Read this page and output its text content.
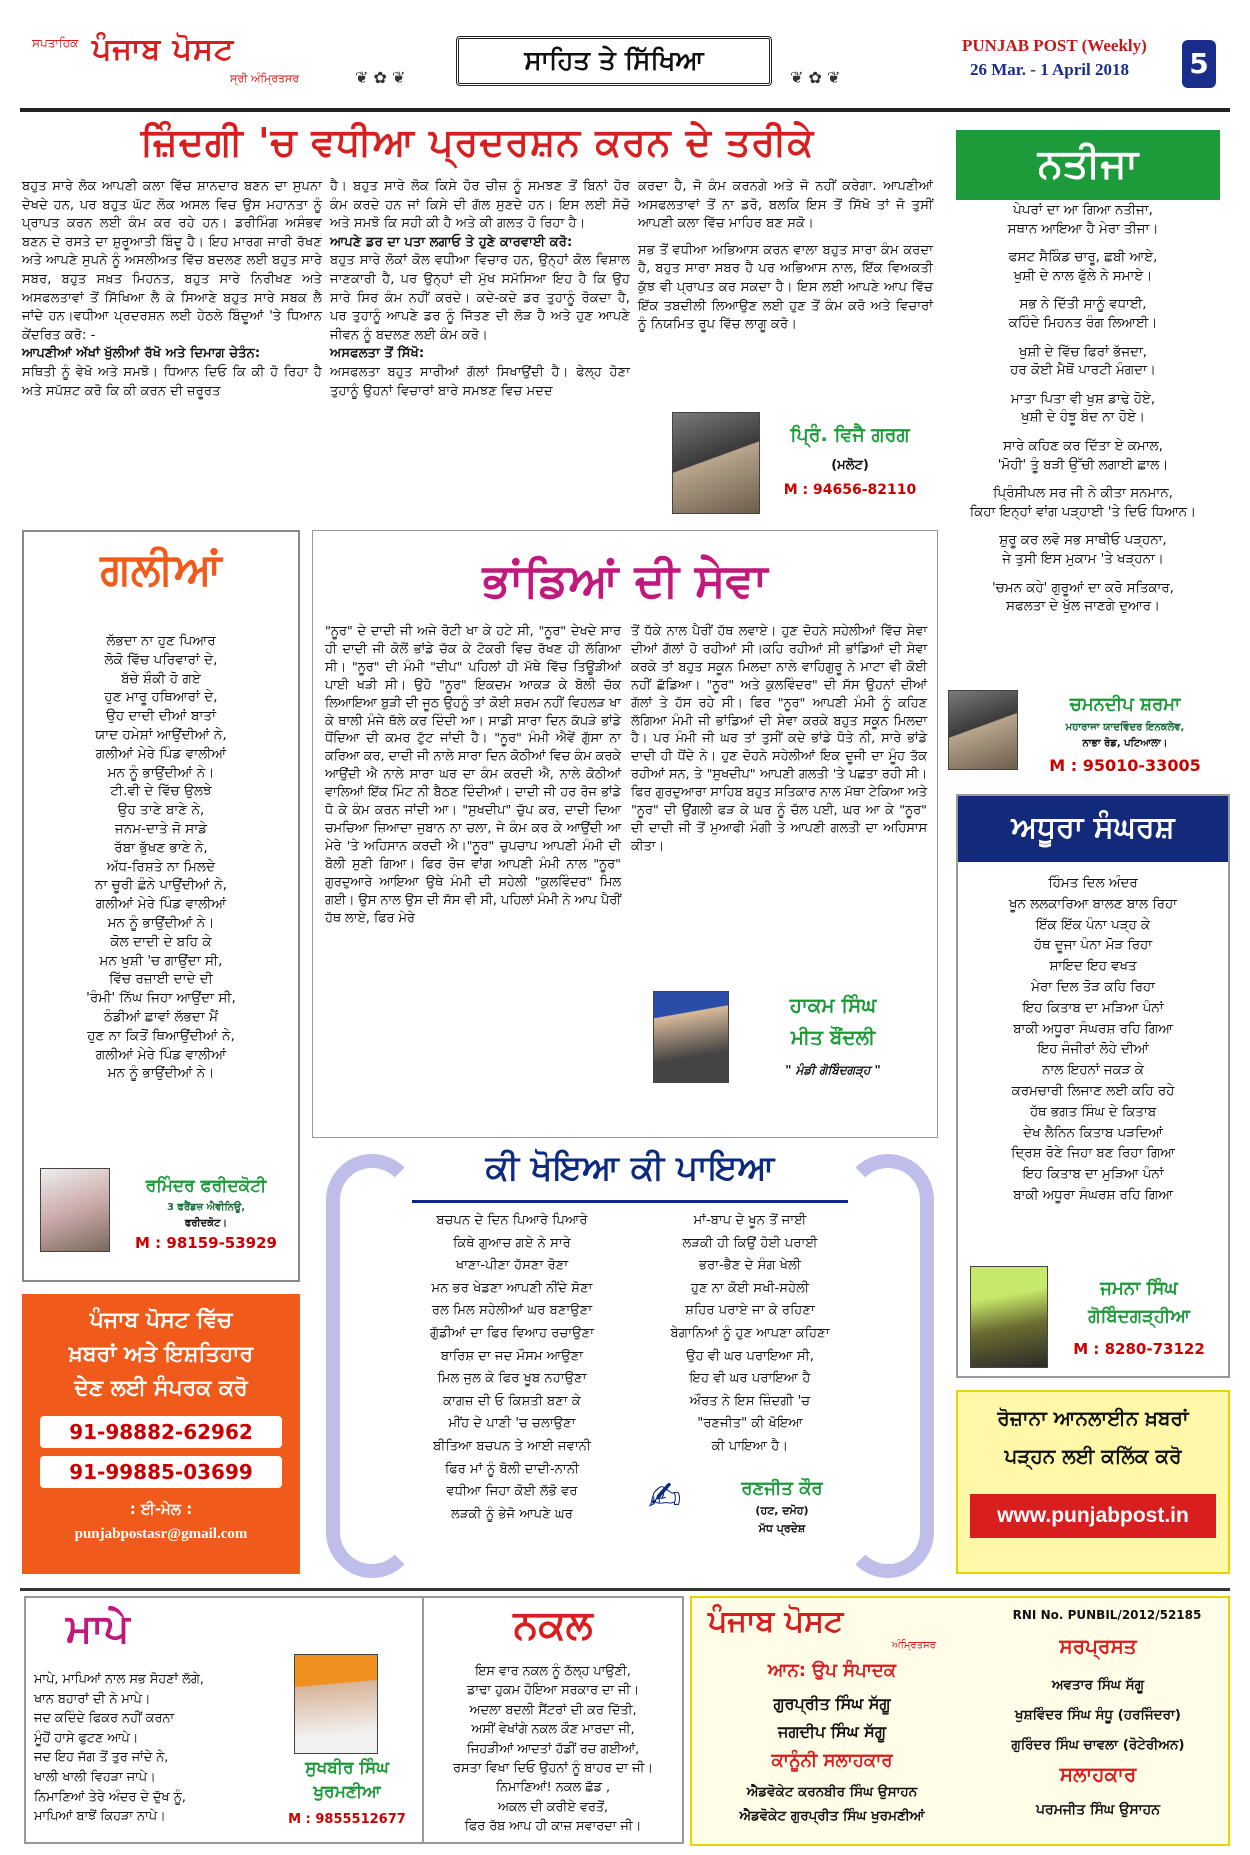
ਸਪਤਾਹਿਕ ਪੰਜਾਬ ਪੋਸਟ
ਸ੍ਰੀ ਅੰਮ੍ਰਿਤਸਰ	❦ ✿ ❦
ਸਾਹਿਤ ਤੇ ਸਿੱਖਿਆ
❦ ✿ ❦
PUNJAB POST (Weekly)
26 Mar. - 1 April 2018 5
ਜ਼ਿੰਦਗੀ 'ਚ ਵਧੀਆ ਪ੍ਰਦਰਸ਼ਨ ਕਰਨ ਦੇ ਤਰੀਕੇ
ਬਹੁਤ ਸਾਰੇ ਲੋਕ ਆਪਣੀ ਕਲਾ ਵਿੱਚ ਸ਼ਾਨਦਾਰ ਬਣਨ ਦਾ ਸੁਪਨਾ ਦੇਖਦੇ ਹਨ, ਪਰ ਬਹੁਤ ਘੱਟ ਲੋਕ ਅਸਲ ਵਿਚ ਉਸ ਮਹਾਨਤਾ ਨੂੰ ਪ੍ਰਾਪਤ ਕਰਨ ਲਈ ਕੰਮ ਕਰ ਰਹੇ ਹਨ। ਡਰੀਮਿੰਗ ਅਸੰਭਵ ਬਣਨ ਦੇ ਰਸਤੇ ਦਾ ਸ਼ੁਰੂਆਤੀ ਬਿੰਦੂ ਹੈ। ਇਹ ਮਾਰਗ ਜਾਰੀ ਰੱਖਣ ਅਤੇ ਆਪਣੇ ਸੁਪਨੇ ਨੂੰ ਅਸਲੀਅਤ ਵਿੱਚ ਬਦਲਣ ਲਈ ਬਹੁਤ ਸਾਰੇ ਸਬਰ, ਬਹੁਤ ਸਖ਼ਤ ਮਿਹਨਤ, ਬਹੁਤ ਸਾਰੇ ਨਿਰੀਖਣ ਅਤੇ ਅਸਫਲਤਾਵਾਂ ਤੋਂ ਸਿੱਖਿਆ ਲੈ ਕੇ ਸਿਆਣੇ ਬਹੁਤ ਸਾਰੇ ਸਬਕ ਲੈ ਜਾਂਦੇ ਹਨ।ਵਧੀਆ ਪ੍ਰਦਰਸ਼ਨ ਲਈ ਹੇਠਲੇ ਬਿੰਦੂਆਂ 'ਤੇ ਧਿਆਨ ਕੇਂਦਰਿਤ ਕਰੋ: -
ਆਪਣੀਆਂ ਅੱਖਾਂ ਖੁੱਲੀਆਂ ਰੱਖੋ ਅਤੇ ਦਿਮਾਗ ਚੇਤੰਨ:
ਸਥਿਤੀ ਨੂੰ ਵੇਖੋ ਅਤੇ ਸਮਝੋ। ਧਿਆਨ ਦਿਓ ਕਿ ਕੀ ਹੋ ਰਿਹਾ ਹੈ ਅਤੇ ਸਪੱਸ਼ਟ ਕਰੋ ਕਿ ਕੀ ਕਰਨ ਦੀ ਜ਼ਰੂਰਤ
ਹੈ। ਬਹੁਤ ਸਾਰੇ ਲੋਕ ਕਿਸੇ ਹੋਰ ਚੀਜ਼ ਨੂੰ ਸਮਝਣ ਤੋਂ ਬਿਨਾਂ ਹੋਰ ਕੰਮ ਕਰਦੇ ਹਨ ਜਾਂ ਕਿਸੇ ਦੀ ਗੱਲ ਸੁਣਦੇ ਹਨ। ਇਸ ਲਈ ਸੋਚੋ ਅਤੇ ਸਮਝੋ ਕਿ ਸਹੀ ਕੀ ਹੈ ਅਤੇ ਕੀ ਗਲਤ ਹੋ ਰਿਹਾ ਹੈ।
ਆਪਣੇ ਡਰ ਦਾ ਪਤਾ ਲਗਾਓ ਤੇ ਹੁਣੇ ਕਾਰਵਾਈ ਕਰੋ:
ਬਹੁਤ ਸਾਰੇ ਲੋਕਾਂ ਕੋਲ ਵਧੀਆ ਵਿਚਾਰ ਹਨ, ਉਨ੍ਹਾਂ ਕੋਲ ਵਿਸ਼ਾਲ ਜਾਣਕਾਰੀ ਹੈ, ਪਰ ਉਨ੍ਹਾਂ ਦੀ ਮੁੱਖ ਸਮੱਸਿਆ ਇਹ ਹੈ ਕਿ ਉਹ ਸਾਰੇ ਸਿਰ ਕੰਮ ਨਹੀਂ ਕਰਦੇ। ਕਦੇ-ਕਦੇ ਡਰ ਤੁਹਾਨੂੰ ਰੋਕਦਾ ਹੈ, ਪਰ ਤੁਹਾਨੂੰ ਆਪਣੇ ਡਰ ਨੂੰ ਜਿੱਤਣ ਦੀ ਲੋੜ ਹੈ ਅਤੇ ਹੁਣ ਆਪਣੇ ਜੀਵਨ ਨੂੰ ਬਦਲਣ ਲਈ ਕੰਮ ਕਰੋ।
ਅਸਫਲਤਾ ਤੋਂ ਸਿੱਖੋ:
ਅਸਫਲਤਾ ਬਹੁਤ ਸਾਰੀਆਂ ਗੱਲਾਂ ਸਿਖਾਉਂਦੀ ਹੈ। ਫੇਲ੍ਹ ਹੋਣਾ ਤੁਹਾਨੂੰ ਉਹਨਾਂ ਵਿਚਾਰਾਂ ਬਾਰੇ ਸਮਝਣ ਵਿਚ ਮਦਦ
ਕਰਦਾ ਹੈ, ਜੋ ਕੰਮ ਕਰਨਗੇ ਅਤੇ ਜੋ ਨਹੀਂ ਕਰੇਗਾ. ਆਪਣੀਆਂ ਅਸਫਲਤਾਵਾਂ ਤੋਂ ਨਾ ਡਰੋ, ਬਲਕਿ ਇਸ ਤੋਂ ਸਿੱਖੋ ਤਾਂ ਜੋ ਤੁਸੀਂ ਆਪਣੀ ਕਲਾ ਵਿੱਚ ਮਾਹਿਰ ਬਣ ਸਕੋ।
ਸਭ ਤੋਂ ਵਧੀਆ ਅਭਿਆਸ ਕਰਨ ਵਾਲਾ ਬਹੁਤ ਸਾਰਾ ਕੰਮ ਕਰਦਾ ਹੈ, ਬਹੁਤ ਸਾਰਾ ਸਬਰ ਹੈ ਪਰ ਅਭਿਆਸ ਨਾਲ, ਇੱਕ ਵਿਅਕਤੀ ਕੁੱਝ ਵੀ ਪ੍ਰਾਪਤ ਕਰ ਸਕਦਾ ਹੈ। ਇਸ ਲਈ ਆਪਣੇ ਆਪ ਵਿੱਚ ਇੱਕ ਤਬਦੀਲੀ ਲਿਆਉਣ ਲਈ ਹੁਣ ਤੋਂ ਕੰਮ ਕਰੋ ਅਤੇ ਵਿਚਾਰਾਂ ਨੂੰ ਨਿਯਮਿਤ ਰੂਪ ਵਿੱਚ ਲਾਗੂ ਕਰੋ।
ਪ੍ਰਿੰ. ਵਿਜੈ ਗਰਗ
(ਮਲੋਟ)
M : 94656-82110
ਨਤੀਜਾ
ਪੇਪਰਾਂ ਦਾ ਆ ਗਿਆ ਨਤੀਜਾ,
ਸਥਾਨ ਆਇਆ ਹੈ ਮੇਰਾ ਤੀਜਾ।
ਫਸਟ ਸੈਕਿੰਡ ਚਾਰੂ, ਛਬੀ ਆਏ,
ਖੁਸ਼ੀ ਦੇ ਨਾਲ ਫੁੱਲੇ ਨੇ ਸਮਾਏ।
ਸਭ ਨੇ ਦਿੱਤੀ ਸਾਨੂੰ ਵਧਾਈ,
ਕਹਿੰਦੇ ਮਿਹਨਤ ਰੰਗ ਲਿਆਈ।
ਖੁਸ਼ੀ ਦੇ ਵਿੱਚ ਫਿਰਾਂ ਭੱਜਦਾ,
ਹਰ ਕੋਈ ਮੈਥੋਂ ਪਾਰਟੀ ਮੰਗਦਾ।
ਮਾਤਾ ਪਿਤਾ ਵੀ ਖੁਸ਼ ਡਾਢੇ ਹੋਏ,
ਖੁਸ਼ੀ ਦੇ ਹੰਝੂ ਬੰਦ ਨਾ ਹੋਏ।
ਸਾਰੇ ਕਹਿਣ ਕਰ ਦਿੱਤਾ ਏ ਕਮਾਲ,
'ਮੋਹੀ' ਤੂੰ ਬੜੀ ਉੱਚੀ ਲਗਾਈ ਛਾਲ।
ਪ੍ਰਿੰਸੀਪਲ ਸਰ ਜੀ ਨੇ ਕੀਤਾ ਸਨਮਾਨ,
ਕਿਹਾ ਇਨ੍ਹਾਂ ਵਾਂਗ ਪੜ੍ਹਾਈ 'ਤੇ ਦਿਓ ਧਿਆਨ।
ਸ਼ੁਰੂ ਕਰ ਲਵੋ ਸਭ ਸਾਥੀਓ ਪੜ੍ਹਨਾ,
ਜੇ ਤੁਸੀ ਇਸ ਮੁਕਾਮ 'ਤੇ ਖੜ੍ਹਨਾ।
'ਚਮਨ ਕਹੇ' ਗੁਰੂਆਂ ਦਾ ਕਰੋ ਸਤਿਕਾਰ,
ਸਫਲਤਾ ਦੇ ਖੁੱਲ ਜਾਣਗੇ ਦੁਆਰ।
ਚਮਨਦੀਪ ਸ਼ਰਮਾ
ਮਹਾਰਾਜਾ ਯਾਦਵਿੰਦਰ ਇਨਕਲੇਵ,
ਨਾਭਾ ਰੋਡ, ਪਟਿਆਲਾ।
M : 95010-33005
ਗਲੀਆਂ
ਲੱਭਦਾ ਨਾ ਹੁਣ ਪਿਆਰ
ਲੋਕੋ ਵਿੱਚ ਪਰਿਵਾਰਾਂ ਦੇ,
ਬੱਚੇ ਸ਼ੌਕੀ ਹੋ ਗਏ
ਹੁਣ ਮਾਰੂ ਹਥਿਆਰਾਂ ਦੇ,
ਉਹ ਦਾਦੀ ਦੀਆਂ ਬਾਤਾਂ
ਯਾਦ ਹਮੇਸ਼ਾਂ ਆਉਂਦੀਆਂ ਨੇ,
ਗਲੀਆਂ ਮੇਰੇ ਪਿੰਡ ਵਾਲੀਆਂ
ਮਨ ਨੂੰ ਭਾਉਂਦੀਆਂ ਨੇ।
ਟੀ.ਵੀ ਦੇ ਵਿੱਚ ਉਲਝੇ
ਉਹ ਤਾਣੇ ਬਾਣੇ ਨੇ,
ਜਨਮ-ਦਾਤੇ ਜੋ ਸਾਡੇ
ਰੱਬਾ ਭੁੱਖਣ ਭਾਣੇ ਨੇ,
ਅੱਧ-ਰਿਸ਼ਤੇ ਨਾ ਮਿਲਦੇ
ਨਾ ਚੂਰੀ ਛੰਨੇ ਪਾਉਂਦੀਆਂ ਨੇ,
ਗਲੀਆਂ ਮੇਰੇ ਪਿੰਡ ਵਾਲੀਆਂ
ਮਨ ਨੂੰ ਭਾਉਂਦੀਆਂ ਨੇ।
ਕੋਲ ਦਾਦੀ ਦੇ ਬਹਿ ਕੇ
ਮਨ ਖੁਸ਼ੀ 'ਚ ਗਾਉਂਦਾ ਸੀ,
ਵਿੱਚ ਰਜ਼ਾਈ ਦਾਦੇ ਦੀ
'ਰੰਮੀ' ਨਿੱਘ ਜਿਹਾ ਆਉਂਦਾ ਸੀ,
ਠੰਡੀਆਂ ਛਾਵਾਂ ਲੱਭਦਾ ਮੈਂ
ਹੁਣ ਨਾ ਕਿਤੋਂ ਥਿਆਉਂਦੀਆਂ ਨੇ,
ਗਲੀਆਂ ਮੇਰੇ ਪਿੰਡ ਵਾਲੀਆਂ
ਮਨ ਨੂੰ ਭਾਉਂਦੀਆਂ ਨੇ।
ਰਮਿੰਦਰ ਫਰੀਦਕੋਟੀ
3 ਫਰੈਂਡਜ਼ ਐਵੀਨਿਊ,
ਫਰੀਦਕੋਟ।
M : 98159-53929
ਭਾਂਡਿਆਂ ਦੀ ਸੇਵਾ
"ਨੂਰ" ਦੇ ਦਾਦੀ ਜੀ ਅਜੇ ਰੋਟੀ ਖਾ ਕੇ ਹਟੇ ਸੀ, "ਨੂਰ" ਦੇਖਦੇ ਸਾਰ ਹੀ ਦਾਦੀ ਜੀ ਕੋਲੋਂ ਭਾਂਡੇ ਚੱਕ ਕੇ ਟੋਕਰੀ ਵਿਚ ਰੱਖਣ ਹੀ ਲੱਗਿਆ ਸੀ। "ਨੂਰ" ਦੀ ਮੰਮੀ "ਦੀਪ" ਪਹਿਲਾਂ ਹੀ ਮੱਥੇ ਵਿੱਚ ਤਿਊੜੀਆਂ ਪਾਈ ਖੜੀ ਸੀ। ਉਹੋ "ਨੂਰ" ਇਕਦਮ ਆਕੜ ਕੇ ਬੋਲੀ ਚੱਕ ਲਿਆਇਆ ਬੁੜੀ ਦੀ ਜੂਠ ਉਹਨੂੰ ਤਾਂ ਕੋਈ ਸ਼ਰਮ ਨਹੀਂ ਵਿਹਲੜ ਖਾ ਕੇ ਥਾਲੀ ਮੰਜੇ ਥੱਲੇ ਕਰ ਦਿੰਦੀ ਆ। ਸਾਡੀ ਸਾਰਾ ਦਿਨ ਕੱਪੜੇ ਭਾਂਡੇ ਧੋਂਦਿਆ ਦੀ ਕਮਰ ਟੁੱਟ ਜਾਂਦੀ ਹੈ। "ਨੂਰ" ਮੰਮੀ ਐਵੇਂ ਗੁੱਸਾ ਨਾ ਕਰਿਆ ਕਰ, ਦਾਦੀ ਜੀ ਨਾਲੇ ਸਾਰਾ ਦਿਨ ਕੋਠੀਆਂ ਵਿਚ ਕੰਮ ਕਰਕੇ ਆਉਂਦੀ ਐ ਨਾਲੇ ਸਾਰਾ ਘਰ ਦਾ ਕੰਮ ਕਰਦੀ ਐ, ਨਾਲੇ ਕੋਠੀਆਂ ਵਾਲਿਆਂ ਇੱਕ ਮਿੰਟ ਨੀ ਬੈਠਣ ਦਿੰਦੀਆਂ। ਦਾਦੀ ਜੀ ਹਰ ਰੋਜ ਭਾਂਡੇ ਧੋ ਕੇ ਕੰਮ ਕਰਨ ਜਾਂਦੀ ਆ। "ਸੁਖਦੀਪ" ਚੁੱਪ ਕਰ, ਦਾਦੀ ਦਿਆ ਚਮਚਿਆ ਜ਼ਿਆਦਾ ਜੁਬਾਨ ਨਾ ਚਲਾ, ਜੇ ਕੰਮ ਕਰ ਕੇ ਆਉਂਦੀ ਆ ਮੇਰੇ 'ਤੇ ਅਹਿਸਾਨ ਕਰਦੀ ਐ।"ਨੂਰ" ਚੁਪਚਾਪ ਆਪਣੀ ਮੰਮੀ ਦੀ ਬੋਲੀ ਸੁਣੀ ਗਿਆ। ਫਿਰ ਰੋਜ ਵਾਂਗ ਆਪਣੀ ਮੰਮੀ ਨਾਲ "ਨੂਰ" ਗੁਰਦੁਆਰੇ ਆਇਆ ਉਥੇ ਮੰਮੀ ਦੀ ਸਹੇਲੀ "ਕੁਲਵਿੰਦਰ" ਮਿਲ ਗਈ। ਉਸ ਨਾਲ ਉਸ ਦੀ ਸੱਸ ਵੀ ਸੀ, ਪਹਿਲਾਂ ਮੰਮੀ ਨੇ ਆਪ ਪੈਰੀਂ ਹੱਥ ਲਾਏ, ਫਿਰ ਮੇਰੇ
ਤੋਂ ਧੱਕੇ ਨਾਲ ਪੈਰੀਂ ਹੱਥ ਲਵਾਏ। ਹੁਣ ਦੋਹਨੇ ਸਹੇਲੀਆਂ ਵਿੱਚ ਸੇਵਾ ਦੀਆਂ ਗੱਲਾਂ ਹੋ ਰਹੀਆਂ ਸੀ।ਕਹਿ ਰਹੀਆਂ ਸੀ ਭਾਂਡਿਆਂ ਦੀ ਸੇਵਾ ਕਰਕੇ ਤਾਂ ਬਹੁਤ ਸਕੂਨ ਮਿਲਦਾ ਨਾਲੇ ਵਾਹਿਗੁਰੂ ਨੇ ਮਾਟਾ ਵੀ ਕੋਈ ਨਹੀਂ ਛੱਡਿਆ। "ਨੂਰ" ਅਤੇ ਕੁਲਵਿੰਦਰ" ਦੀ ਸੱਸ ਉਹਨਾਂ ਦੀਆਂ ਗੱਲਾਂ ਤੇ ਹੱਸ ਰਹੇ ਸੀ। ਫਿਰ "ਨੂਰ" ਆਪਣੀ ਮੰਮੀ ਨੂੰ ਕਹਿਣ ਲੱਗਿਆ ਮੰਮੀ ਜੀ ਭਾਂਡਿਆਂ ਦੀ ਸੇਵਾ ਕਰਕੇ ਬਹੁਤ ਸਕੂਨ ਮਿਲਦਾ ਹੈ। ਪਰ ਮੰਮੀ ਜੀ ਘਰ ਤਾਂ ਤੁਸੀਂ ਕਦੇ ਭਾਂਡੇ ਧੋਤੇ ਨੀ, ਸਾਰੇ ਭਾਂਡੇ ਦਾਦੀ ਹੀ ਧੋਂਦੇ ਨੇ। ਹੁਣ ਦੋਹਨੇ ਸਹੇਲੀਆਂ ਇਕ ਦੂਜੀ ਦਾ ਮੂੰਹ ਤੱਕ ਰਹੀਆਂ ਸਨ, ਤੇ "ਸੁਖਦੀਪ" ਆਪਣੀ ਗਲਤੀ 'ਤੇ ਪਛਤਾ ਰਹੀ ਸੀ। ਫਿਰ ਗੁਰਦੁਆਰਾ ਸਾਹਿਬ ਬਹੁਤ ਸਤਿਕਾਰ ਨਾਲ ਮੱਥਾ ਟੇਕਿਆ ਅਤੇ "ਨੂਰ" ਦੀ ਉਂਗਲੀ ਫੜ ਕੇ ਘਰ ਨੂੰ ਚੱਲ ਪਈ, ਘਰ ਆ ਕੇ "ਨੂਰ" ਦੀ ਦਾਦੀ ਜੀ ਤੋਂ ਮੁਆਫੀ ਮੰਗੀ ਤੇ ਆਪਣੀ ਗਲਤੀ ਦਾ ਅਹਿਸਾਸ ਕੀਤਾ।
ਹਾਕਮ ਸਿੰਘ
ਮੀਤ ਬੌਂਦਲੀ
" ਮੰਡੀ ਗੋਬਿੰਦਗੜ੍ਹ "
ਅਧੂਰਾ ਸੰਘਰਸ਼
ਹਿੰਮਤ ਦਿਲ ਅੰਦਰ
ਖੂਨ ਲਲਕਾਰਿਆ ਬਾਲਣ ਬਾਲ ਰਿਹਾ
ਇੱਕ ਇੱਕ ਪੰਨਾ ਪੜ੍ਹ ਕੇ
ਹੱਥ ਦੂਜਾ ਪੰਨਾ ਮੋੜ ਰਿਹਾ
ਸ਼ਾਇਦ ਇਹ ਵਖਤ
ਮੇਰਾ ਦਿਲ ਤੋੜ ਕਹਿ ਰਿਹਾ
ਇਹ ਕਿਤਾਬ ਦਾ ਮੜਿਆ ਪੰਨਾਂ
ਬਾਕੀ ਅਧੂਰਾ ਸੰਘਰਸ਼ ਰਹਿ ਗਿਆ
ਇਹ ਜੰਜੀਰਾਂ ਲੋਹੇ ਦੀਆਂ
ਨਾਲ ਇਹਨਾਂ ਜਕੜ ਕੇ
ਕਰਮਚਾਰੀ ਲਿਜਾਣ ਲਈ ਕਹਿ ਰਹੇ
ਹੱਥ ਭਗਤ ਸਿੰਘ ਦੇ ਕਿਤਾਬ
ਦੇਖ ਲੈਨਿਨ ਕਿਤਾਬ ਪੜਦਿਆਂ
ਦ੍ਰਿਸ਼ ਰੋਣੇ ਜਿਹਾ ਬਣ ਰਿਹਾ ਗਿਆ
ਇਹ ਕਿਤਾਬ ਦਾ ਮੁੜਿਆ ਪੰਨਾਂ
ਬਾਕੀ ਅਧੂਰਾ ਸੰਘਰਸ਼ ਰਹਿ ਗਿਆ
ਜਮਨਾ ਸਿੰਘ
ਗੋਬਿੰਦਗੜ੍ਹੀਆ
M : 8280-73122
ਕੀ ਖੋਇਆ ਕੀ ਪਾਇਆ
ਬਚਪਨ ਦੇ ਦਿਨ ਪਿਆਰੇ ਪਿਆਰੇ
ਕਿਥੇ ਗੁਆਚ ਗਏ ਨੇ ਸਾਰੇ
ਖਾਣਾ-ਪੀਣਾ ਹੱਸਣਾ ਰੋਣਾ
ਮਨ ਭਰ ਖੇਡਣਾ ਆਪਣੀ ਨੀਂਦੇ ਸੋਣਾ
ਰਲ ਮਿਲ ਸਹੇਲੀਆਂ ਘਰ ਬਣਾਉਣਾ
ਗੁੱਡੀਆਂ ਦਾ ਫਿਰ ਵਿਆਹ ਰਚਾਉਣਾ
ਬਾਰਿਸ਼ ਦਾ ਜਦ ਮੌਸਮ ਆਉਣਾ
ਮਿਲ ਜੁਲ ਕੇ ਫਿਰ ਖੂਬ ਨਹਾਉਣਾ
ਕਾਗਜ਼ ਦੀ ਓ ਕਿਸ਼ਤੀ ਬਣਾ ਕੇ
ਮੀਂਹ ਦੇ ਪਾਣੀ 'ਚ ਚਲਾਉਣਾ
ਬੀਤਿਆ ਬਚਪਨ ਤੇ ਆਈ ਜਵਾਨੀ
ਫਿਰ ਮਾਂ ਨੂੰ ਬੋਲੀ ਦਾਦੀ-ਨਾਨੀ
ਵਧੀਆ ਜਿਹਾ ਕੋਈ ਲੱਭੋ ਵਰ
ਲੜਕੀ ਨੂੰ ਭੇਜੋ ਆਪਣੇ ਘਰ
ਮਾਂ-ਬਾਪ ਦੇ ਖੂਨ ਤੋਂ ਜਾਈ
ਲੜਕੀ ਹੀ ਕਿਉਂ ਹੋਈ ਪਰਾਈ
ਭਰਾ-ਭੈਣ ਦੇ ਸੰਗ ਖੇਲੀ
ਹੁਣ ਨਾ ਕੋਈ ਸਖੀ-ਸਹੇਲੀ
ਸ਼ਹਿਰ ਪਰਾਏ ਜਾ ਕੇ ਰਹਿਣਾ
ਬੇਗਾਨਿਆਂ ਨੂੰ ਹੁਣ ਆਪਣਾ ਕਹਿਣਾ
ਉਹ ਵੀ ਘਰ ਪਰਾਇਆ ਸੀ,
ਇਹ ਵੀ ਘਰ ਪਰਾਇਆ ਹੈ
ਔਰਤ ਨੇ ਇਸ ਜ਼ਿੰਦਗੀ 'ਚ
"ਰਣਜੀਤ" ਕੀ ਖੋਇਆ
ਕੀ ਪਾਇਆ ਹੈ।
✍	ਰਣਜੀਤ ਕੌਰ
(ਹਟ, ਦਮੋਹ)
ਮੱਧ ਪ੍ਰਦੇਸ਼
ਪੰਜਾਬ ਪੋਸਟ ਵਿੱਚ
ਖ਼ਬਰਾਂ ਅਤੇ ਇਸ਼ਤਿਹਾਰ
ਦੇਣ ਲਈ ਸੰਪਰਕ ਕਰੋ
91-98882-62962
91-99885-03699
: ਈ-ਮੇਲ :
punjabpostasr@gmail.com
ਰੋਜ਼ਾਨਾ ਆਨਲਾਈਨ ਖ਼ਬਰਾਂ
ਪੜ੍ਹਨ ਲਈ ਕਲਿੱਕ ਕਰੋ
www.punjabpost.in
ਮਾਪੇ
ਮਾਪੇ, ਮਾਪਿਆਂ ਨਾਲ ਸਭ ਸੋਹਣਾਂ ਲੱਗੇ,
ਖਾਨ ਬਹਾਰਾਂ ਦੀ ਨੇ ਮਾਪੇ।
ਜਦ ਕਦਿੰਦੇ ਫਿਕਰ ਨਹੀਂ ਕਰਨਾ
ਮੂੰਹੋਂ ਹਾਸੇ ਫੁਟਣ ਆਪੇ।
ਜਦ ਇਹ ਜੱਗ ਤੋਂ ਤੁਰ ਜਾਂਦੇ ਨੇ,
ਖਾਲੀ ਖਾਲੀ ਵਿਹੜਾ ਜਾਪੇ।
ਨਿਮਾਣਿਆਂ ਤੇਰੇ ਅੰਦਰ ਦੇ ਦੁੱਖ ਨੂੰ,
ਮਾਪਿਆਂ ਬਾਝੋਂ ਕਿਹੜਾ ਨਾਪੇ।
ਸੁਖਬੀਰ ਸਿੰਘ
ਖੁਰਮਣੀਆ
M : 9855512677
ਨਕਲ
ਇਸ ਵਾਰ ਨਕਲ ਨੂੰ ਠੱਲ੍ਹ ਪਾਉਣੀ,
ਡਾਢਾ ਹੁਕਮ ਹੋਇਆ ਸਰਕਾਰ ਦਾ ਜੀ।
ਅਦਲਾ ਬਦਲੀ ਸੈਂਟਰਾਂ ਦੀ ਕਰ ਦਿੱਤੀ,
ਅਸੀਂ ਵੇਖਾਂਗੇ ਨਕਲ ਕੌਣ ਮਾਰਦਾ ਜੀ,
ਜਿਹੜੀਆਂ ਆਦਤਾਂ ਹੱਡੀਂ ਰਚ ਗਈਆਂ,
ਰਸਤਾ ਵਿਖਾ ਦਿਓ ਉਹਨਾਂ ਨੂੰ ਬਾਹਰ ਦਾ ਜੀ।
ਨਿਮਾਣਿਆਂ! ਨਕਲ ਛੱਡ ,
ਅਕਲ ਦੀ ਕਰੀਏ ਵਰਤੋਂ,
ਫਿਰ ਰੱਬ ਆਪ ਹੀ ਕਾਜ਼ ਸਵਾਰਦਾ ਜੀ।
ਪੰਜਾਬ ਪੋਸਟ
ਅੰਮ੍ਰਿਤਸਰ
RNI No. PUNBIL/2012/52185
ਆਨ: ਉਪ ਸੰਪਾਦਕ
ਗੁਰਪ੍ਰੀਤ ਸਿੰਘ ਸੱਗੂ
ਜਗਦੀਪ ਸਿੰਘ ਸੱਗੂ
ਕਾਨੂੰਨੀ ਸਲਾਹਕਾਰ
ਐਡਵੋਕੇਟ ਕਰਨਬੀਰ ਸਿੰਘ ਉਸਾਹਨ
ਐਡਵੋਕੇਟ ਗੁਰਪ੍ਰੀਤ ਸਿੰਘ ਖੁਰਮਣੀਆਂ
ਸਰਪ੍ਰਸਤ
ਅਵਤਾਰ ਸਿੰਘ ਸੱਗੂ
ਖੁਸ਼ਵਿੰਦਰ ਸਿੰਘ ਸੰਧੂ (ਹਰਜਿੰਦਰਾ)
ਗੁਰਿੰਦਰ ਸਿੰਘ ਚਾਵਲਾ (ਰੋਟੇਰੀਅਨ)
ਸਲਾਹਕਾਰ
ਪਰਮਜੀਤ ਸਿੰਘ ਉਸਾਹਨ
